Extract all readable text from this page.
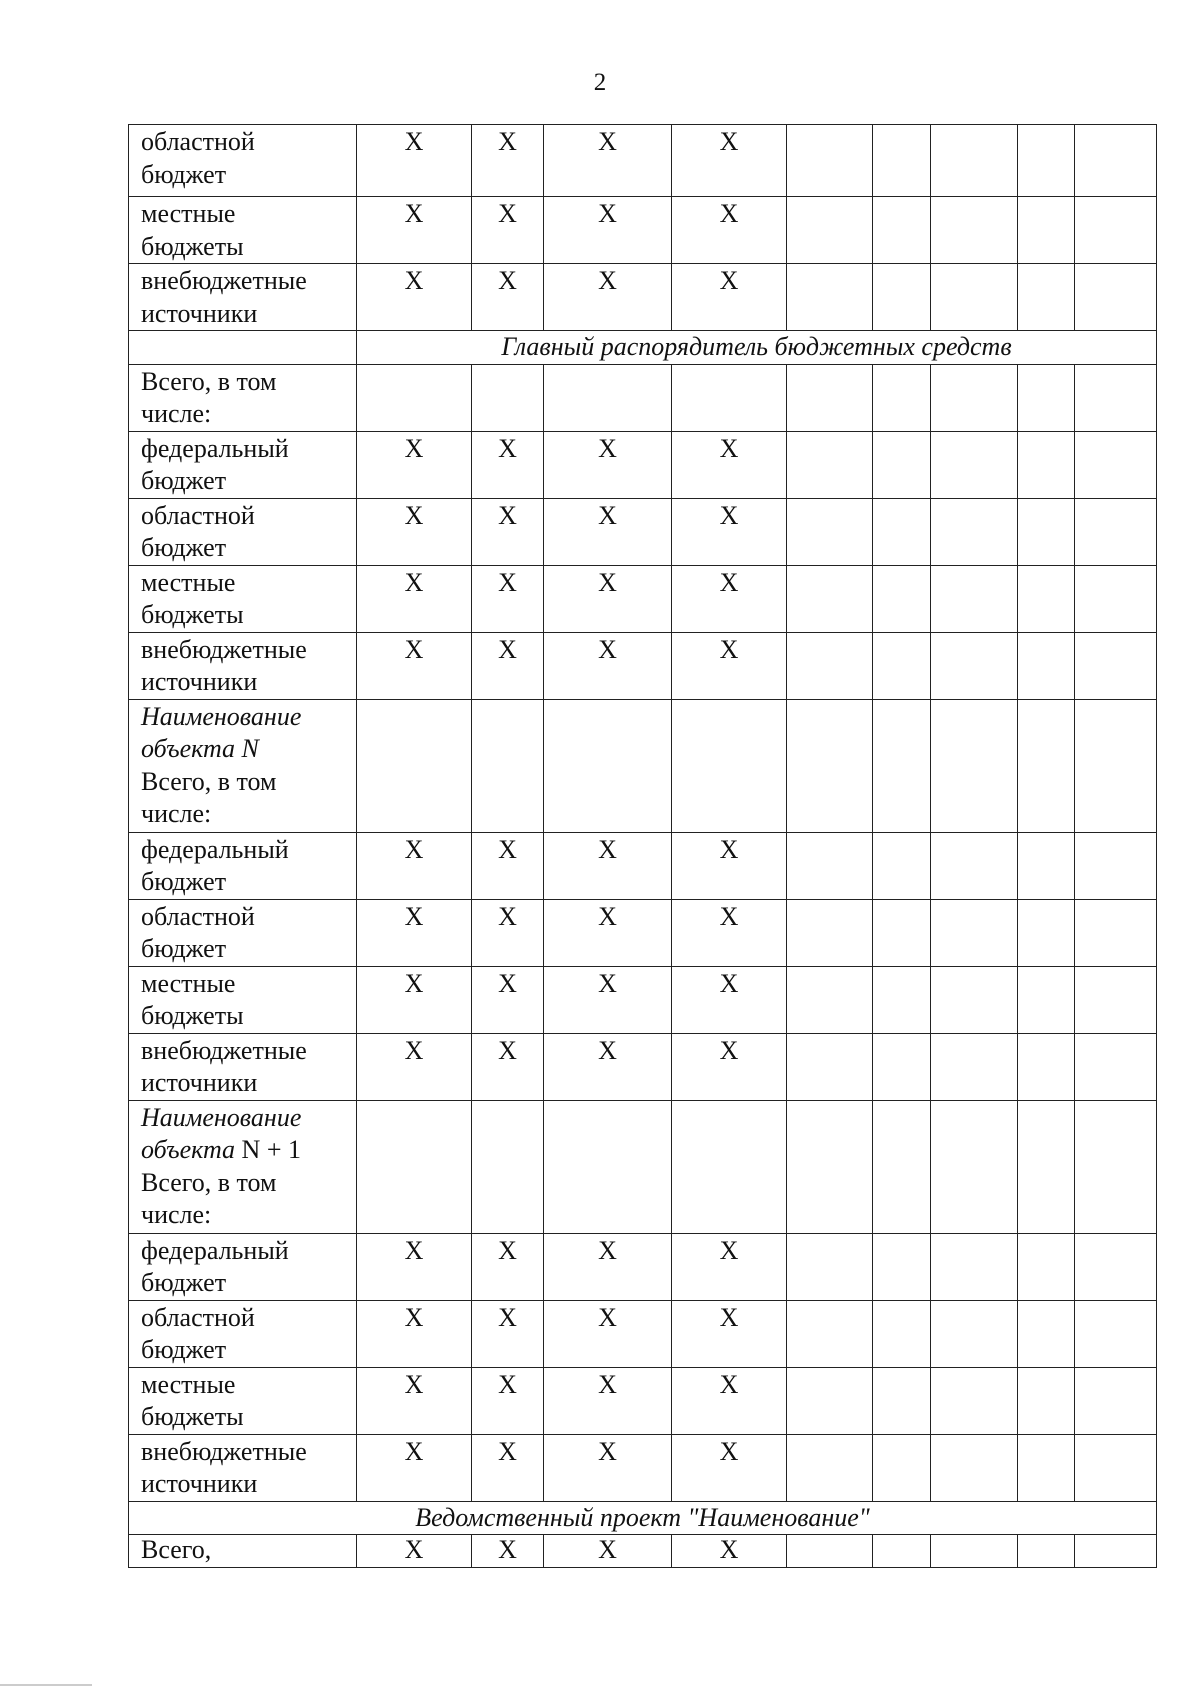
2
областной
бюджет	X	X	X	X					
местные
бюджеты	X	X	X	X					
внебюджетные
источники	X	X	X	X					
	Главный распорядитель бюджетных средств								
Всего, в том
числе:									
федеральный
бюджет	X	X	X	X					
областной
бюджет	X	X	X	X					
местные
бюджеты	X	X	X	X					
внебюджетные
источники	X	X	X	X					
Наименование
объекта N
Всего, в том
числе:									
федеральный
бюджет	X	X	X	X					
областной
бюджет	X	X	X	X					
местные
бюджеты	X	X	X	X					
внебюджетные
источники	X	X	X	X					
Наименование
объекта N + 1
Всего, в том
числе:									
федеральный
бюджет	X	X	X	X					
областной
бюджет	X	X	X	X					
местные
бюджеты	X	X	X	X					
внебюджетные
источники	X	X	X	X					
Ведомственный проект "Наименование"									
Всего,	X	X	X	X					
